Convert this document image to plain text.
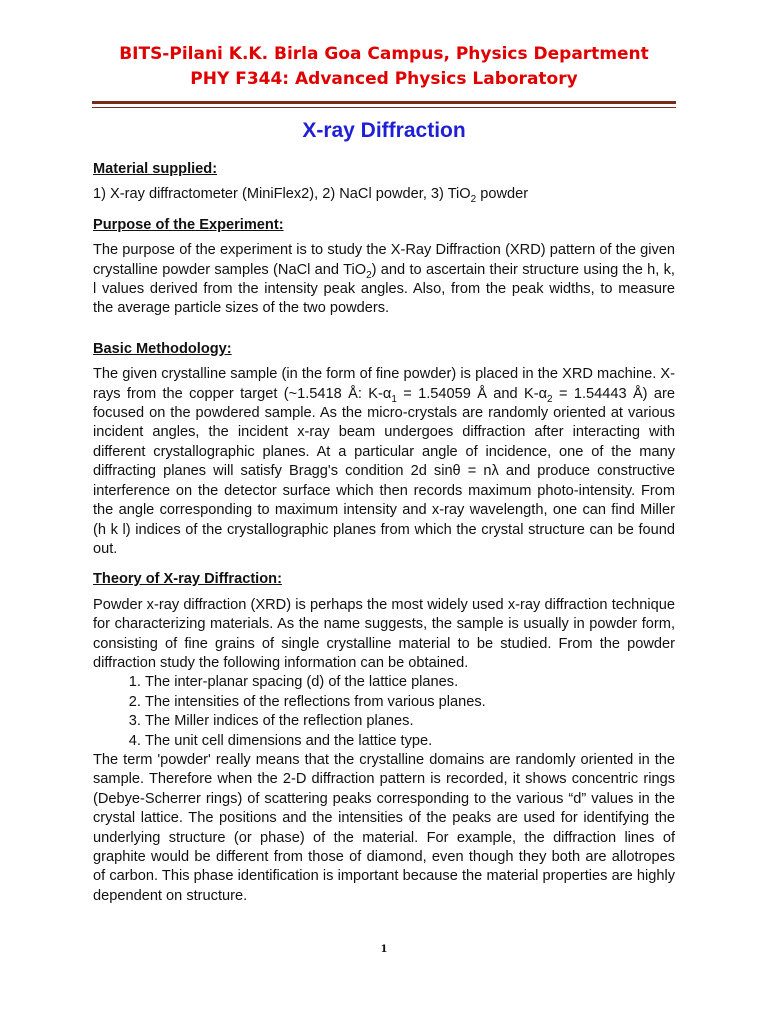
BITS-Pilani K.K. Birla Goa Campus, Physics Department
PHY F344: Advanced Physics Laboratory
X-ray Diffraction

Material supplied:

1) X-ray diffractometer (MiniFlex2), 2) NaCl powder, 3) TiO$_2$ powder

Purpose of the Experiment:

The purpose of the experiment is to study the X-Ray Diffraction (XRD) pattern of the given crystalline powder samples (NaCl and TiO$_2$) and to ascertain their structure using the h, k, l values derived from the intensity peak angles. Also, from the peak widths, to measure the average particle sizes of the two powders.

Basic Methodology:

The given crystalline sample (in the form of fine powder) is placed in the XRD machine. X-rays from the copper target (~1.5418 Å: $K-\alpha_1 = 1.54059$ Å and $K-\alpha_2 = 1.54443$ Å) are focused on the powdered sample. As the micro-crystals are randomly oriented at various incident angles, the incident x-ray beam undergoes diffraction after interacting with different crystallographic planes. At a particular angle of incidence, one of the many diffracting planes will satisfy Bragg's condition 2d sinθ = nλ and produce constructive interference on the detector surface which then records maximum photo-intensity. From the angle corresponding to maximum intensity and x-ray wavelength, one can find Miller (h k l) indices of the crystallographic planes from which the crystal structure can be found out.

Theory of X-ray Diffraction:

Powder x-ray diffraction (XRD) is perhaps the most widely used x-ray diffraction technique for characterizing materials. As the name suggests, the sample is usually in powder form, consisting of fine grains of single crystalline material to be studied. From the powder diffraction study the following information can be obtained.

1. The inter-planar spacing (d) of the lattice planes.
2. The intensities of the reflections from various planes.
3. The Miller indices of the reflection planes.
4. The unit cell dimensions and the lattice type.

The term 'powder' really means that the crystalline domains are randomly oriented in the sample. Therefore when the 2-D diffraction pattern is recorded, it shows concentric rings (Debye-Scherrer rings) of scattering peaks corresponding to the various “d” values in the crystal lattice. The positions and the intensities of the peaks are used for identifying the underlying structure (or phase) of the material. For example, the diffraction lines of graphite would be different from those of diamond, even though they both are allotropes of carbon. This phase identification is important because the material properties are highly dependent on structure.

1
